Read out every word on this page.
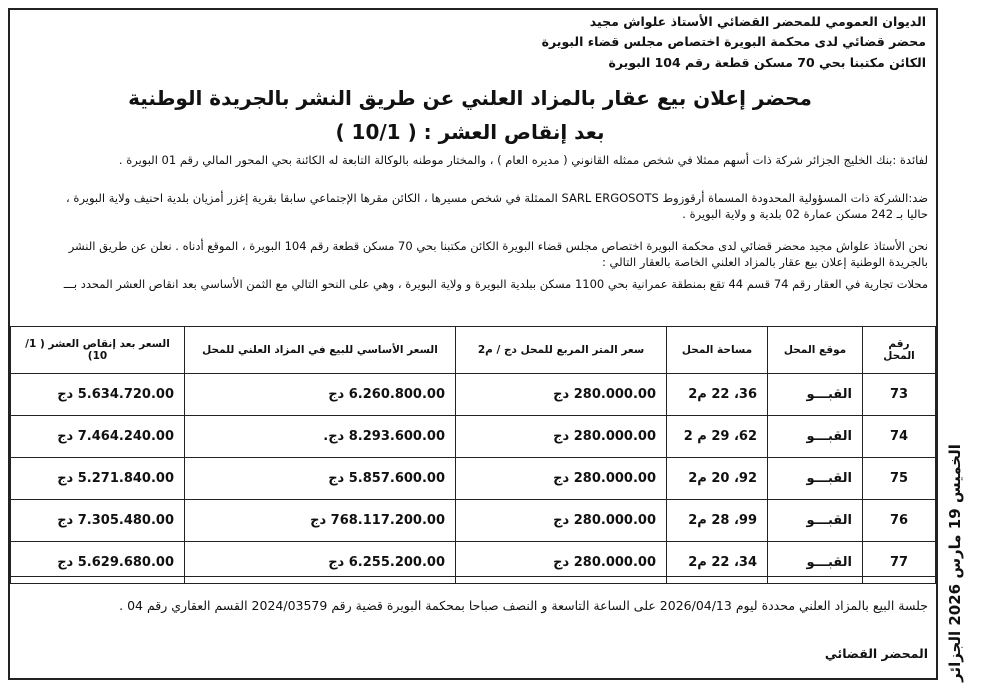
الديوان العمومي للمحضر القضائي الأستاذ علواش مجيد
محضر قضائي لدى محكمة البويرة اختصاص مجلس قضاء البويرة
الكائن مكتبنا بحي 70 مسكن قطعة رقم 104 البويرة
محضر إعلان بيع عقار بالمزاد العلني عن طريق النشر بالجريدة الوطنية
بعد إنقاص العشر : ( 10/1 )
لفائدة :بنك الخليج الجزائر شركة ذات أسهم ممثلا في شخص ممثله القانوني ( مديره العام ) ، والمختار موطنه بالوكالة التابعة له الكائنة بحي المحور المالي رقم 01 البويرة .
ضد:الشركة ذات المسؤولية المحدودة المسماة أرقوزوط SARL ERGOSOTS الممثلة في شخص مسيرها ، الكائن مقرها الإجتماعي سابقا بقرية إغزر أمزيان بلدية احنيف ولاية البويرة ، حاليا بـ 242 مسكن عمارة 02 بلدية و ولاية البويرة .
نحن الأستاذ علواش مجيد محضر قضائي لدى محكمة البويرة اختصاص مجلس قضاء البويرة الكائن مكتبنا بحي 70 مسكن قطعة رقم 104 البويرة ، الموقع أدناه . نعلن عن طريق النشر بالجريدة الوطنية إعلان بيع عقار بالمزاد العلني الخاصة بالعقار التالي :
محلات تجارية في العقار رقم 74 قسم 44 تقع بمنطقة عمرانية بحي 1100 مسكن ببلدية البويرة و ولاية البويرة ، وهي على النحو التالي مع الثمن الأساسي بعد انقاص العشر المحدد بـــ
رقم المحل	موقع المحل	مساحة المحل	سعر المتر المربع للمحل دج / م2	السعر الأساسي للبيع في المزاد العلني للمحل	السعر بعد إنقاص العشر ( 1/ 10)
73	القبـــو	36، 22 م2	280.000.00 دج	6.260.800.00 دج	5.634.720.00 دج
74	القبـــو	62، 29 م 2	280.000.00 دج	8.293.600.00 دج.	7.464.240.00 دج
75	القبـــو	92، 20 م2	280.000.00 دج	5.857.600.00 دج	5.271.840.00 دج
76	القبـــو	99، 28 م2	280.000.00 دج	768.117.200.00 دج	7.305.480.00 دج
77	القبـــو	34، 22 م2	280.000.00 دج	6.255.200.00 دج	5.629.680.00 دج
جلسة البيع بالمزاد العلني محددة ليوم 2026/04/13 على الساعة التاسعة و النصف صباحا بمحكمة البويرة قضية رقم 2024/03579 القسم العقاري رقم 04 .
المحضر القضائي الخميس 19 مارس 2026 الجزائر
